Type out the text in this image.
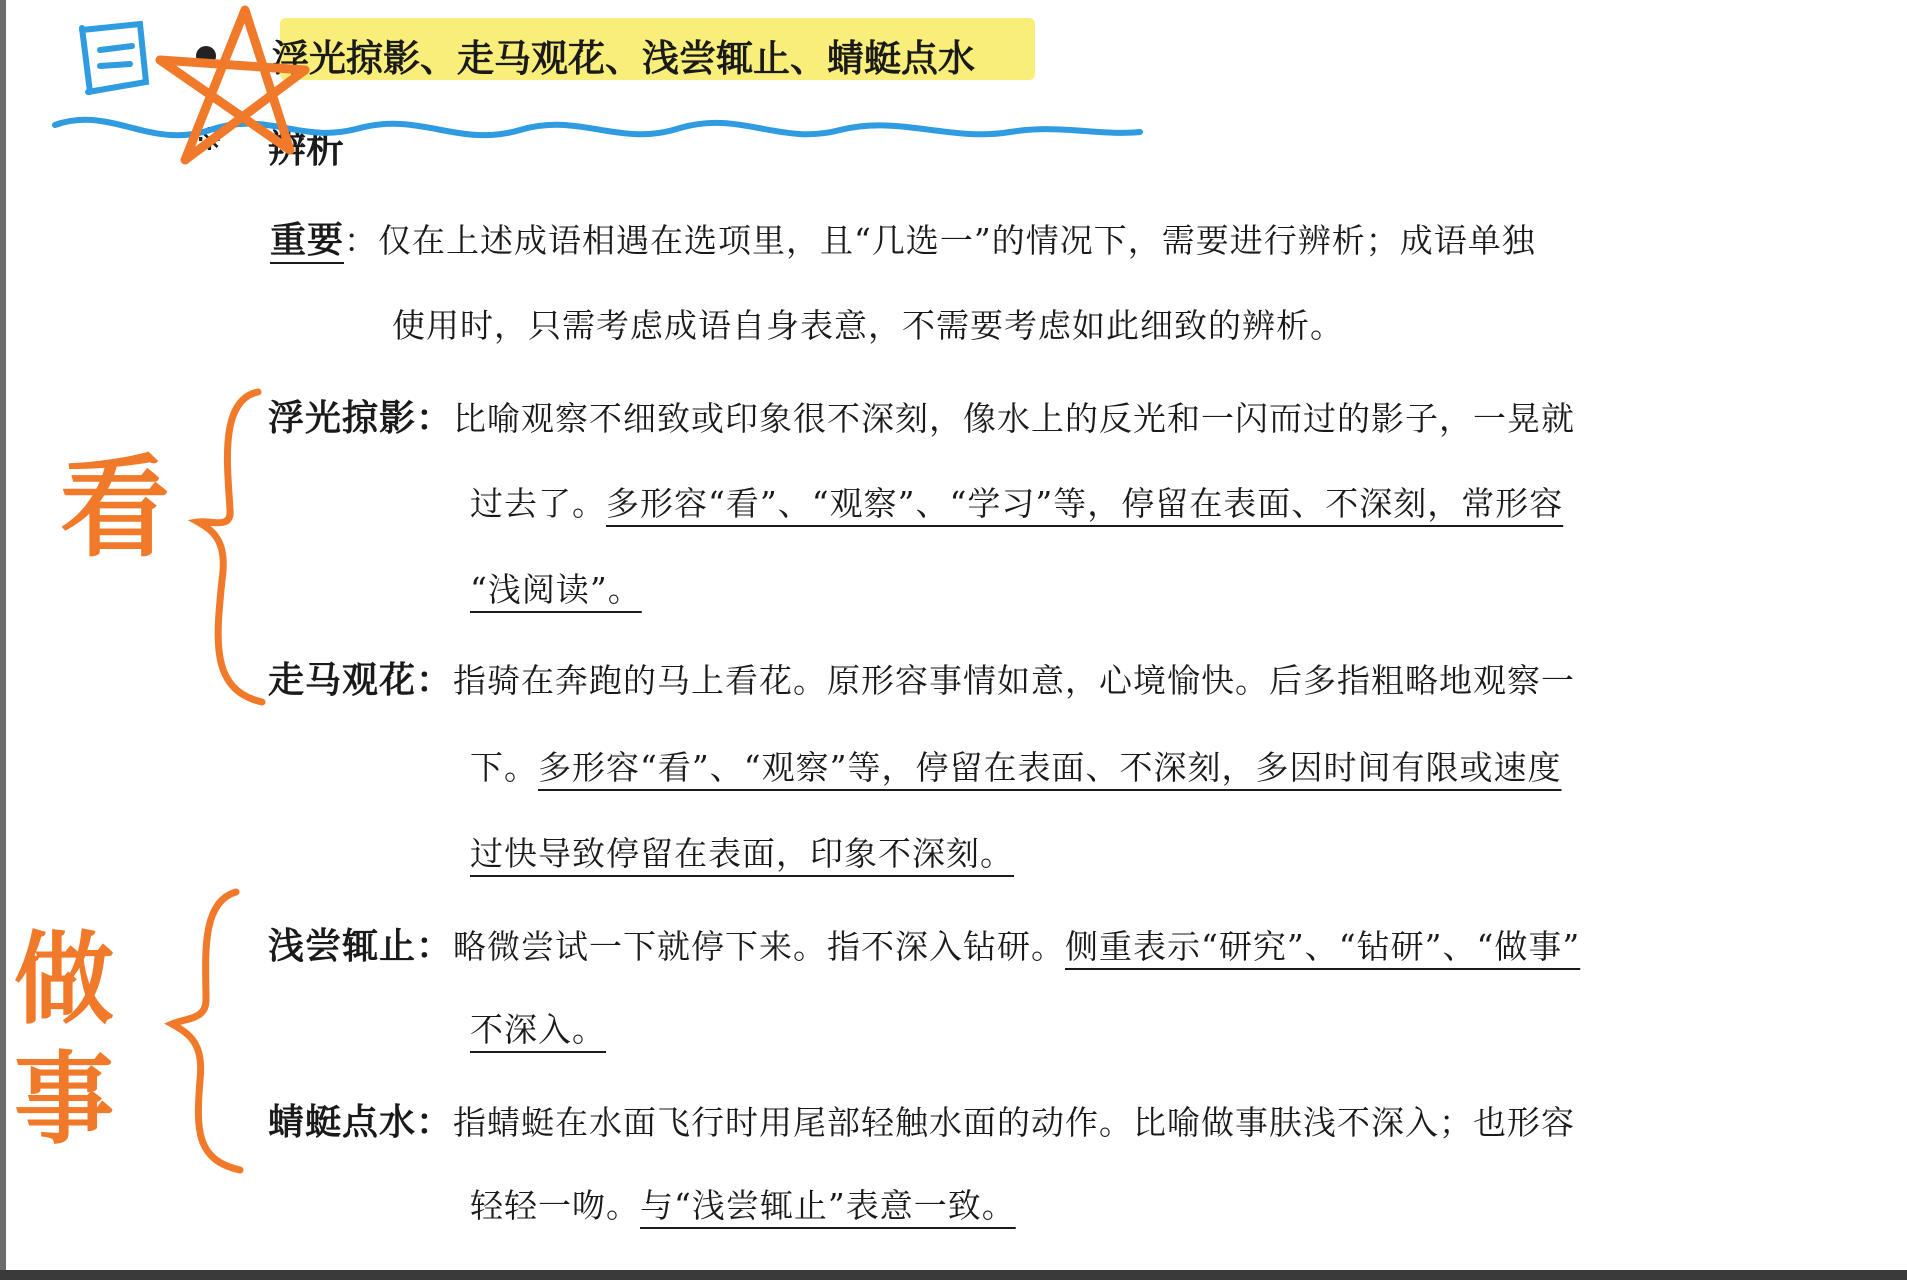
浮光掠影、走马观花、浅尝辄止、蜻蜓点水
※ 辨析
重要：仅在上述成语相遇在选项里，且“几选一”的情况下，需要进行辨析；成语单独
使用时，只需考虑成语自身表意，不需要考虑如此细致的辨析。
浮光掠影：比喻观察不细致或印象很不深刻，像水上的反光和一闪而过的影子，一晃就
过去了。多形容“看”、“观察”、“学习”等，停留在表面、不深刻，常形容
“浅阅读”。
走马观花：指骑在奔跑的马上看花。原形容事情如意，心境愉快。后多指粗略地观察一
下。多形容“看”、“观察”等，停留在表面、不深刻，多因时间有限或速度
过快导致停留在表面，印象不深刻。
浅尝辄止：略微尝试一下就停下来。指不深入钻研。侧重表示“研究”、“钻研”、“做事”
不深入。
蜻蜓点水：指蜻蜓在水面飞行时用尾部轻触水面的动作。比喻做事肤浅不深入；也形容
轻轻一吻。与“浅尝辄止”表意一致。
看
做事
